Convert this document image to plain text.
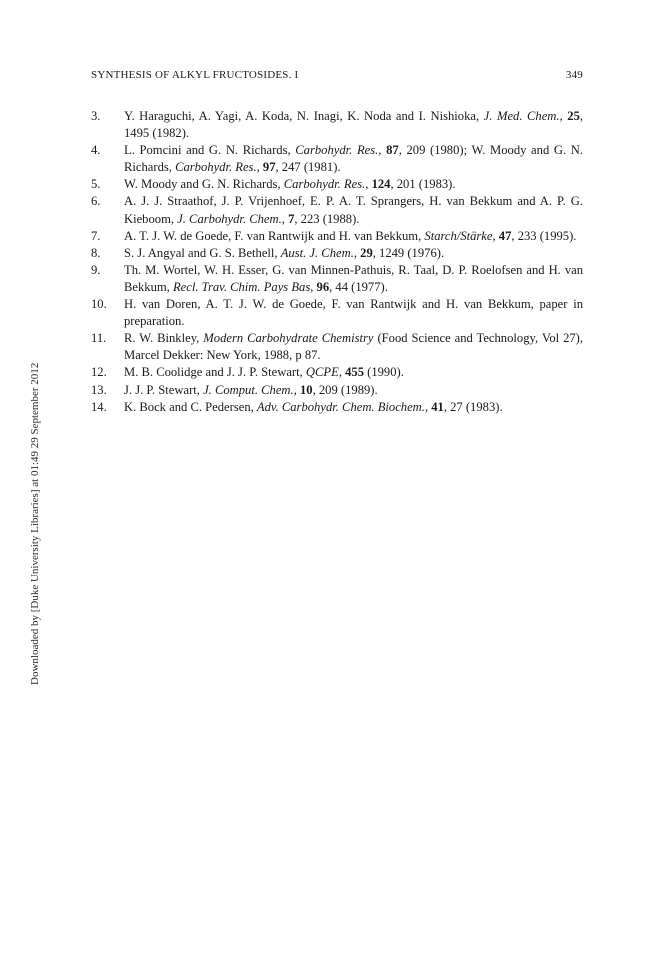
SYNTHESIS OF ALKYL FRUCTOSIDES. I	349
3. Y. Haraguchi, A. Yagi, A. Koda, N. Inagi, K. Noda and I. Nishioka, J. Med. Chem., 25, 1495 (1982).
4. L. Pomcini and G. N. Richards, Carbohydr. Res., 87, 209 (1980); W. Moody and G. N. Richards, Carbohydr. Res., 97, 247 (1981).
5. W. Moody and G. N. Richards, Carbohydr. Res., 124, 201 (1983).
6. A. J. J. Straathof, J. P. Vrijenhoef, E. P. A. T. Sprangers, H. van Bekkum and A. P. G. Kieboom, J. Carbohydr. Chem., 7, 223 (1988).
7. A. T. J. W. de Goede, F. van Rantwijk and H. van Bekkum, Starch/Stärke, 47, 233 (1995).
8. S. J. Angyal and G. S. Bethell, Aust. J. Chem., 29, 1249 (1976).
9. Th. M. Wortel, W. H. Esser, G. van Minnen-Pathuis, R. Taal, D. P. Roelofsen and H. van Bekkum, Recl. Trav. Chim. Pays Bas, 96, 44 (1977).
10. H. van Doren, A. T. J. W. de Goede, F. van Rantwijk and H. van Bekkum, paper in preparation.
11. R. W. Binkley, Modern Carbohydrate Chemistry (Food Science and Technology, Vol 27), Marcel Dekker: New York, 1988, p 87.
12. M. B. Coolidge and J. J. P. Stewart, QCPE, 455 (1990).
13. J. J. P. Stewart, J. Comput. Chem., 10, 209 (1989).
14. K. Bock and C. Pedersen, Adv. Carbohydr. Chem. Biochem., 41, 27 (1983).
Downloaded by [Duke University Libraries] at 01:49 29 September 2012
